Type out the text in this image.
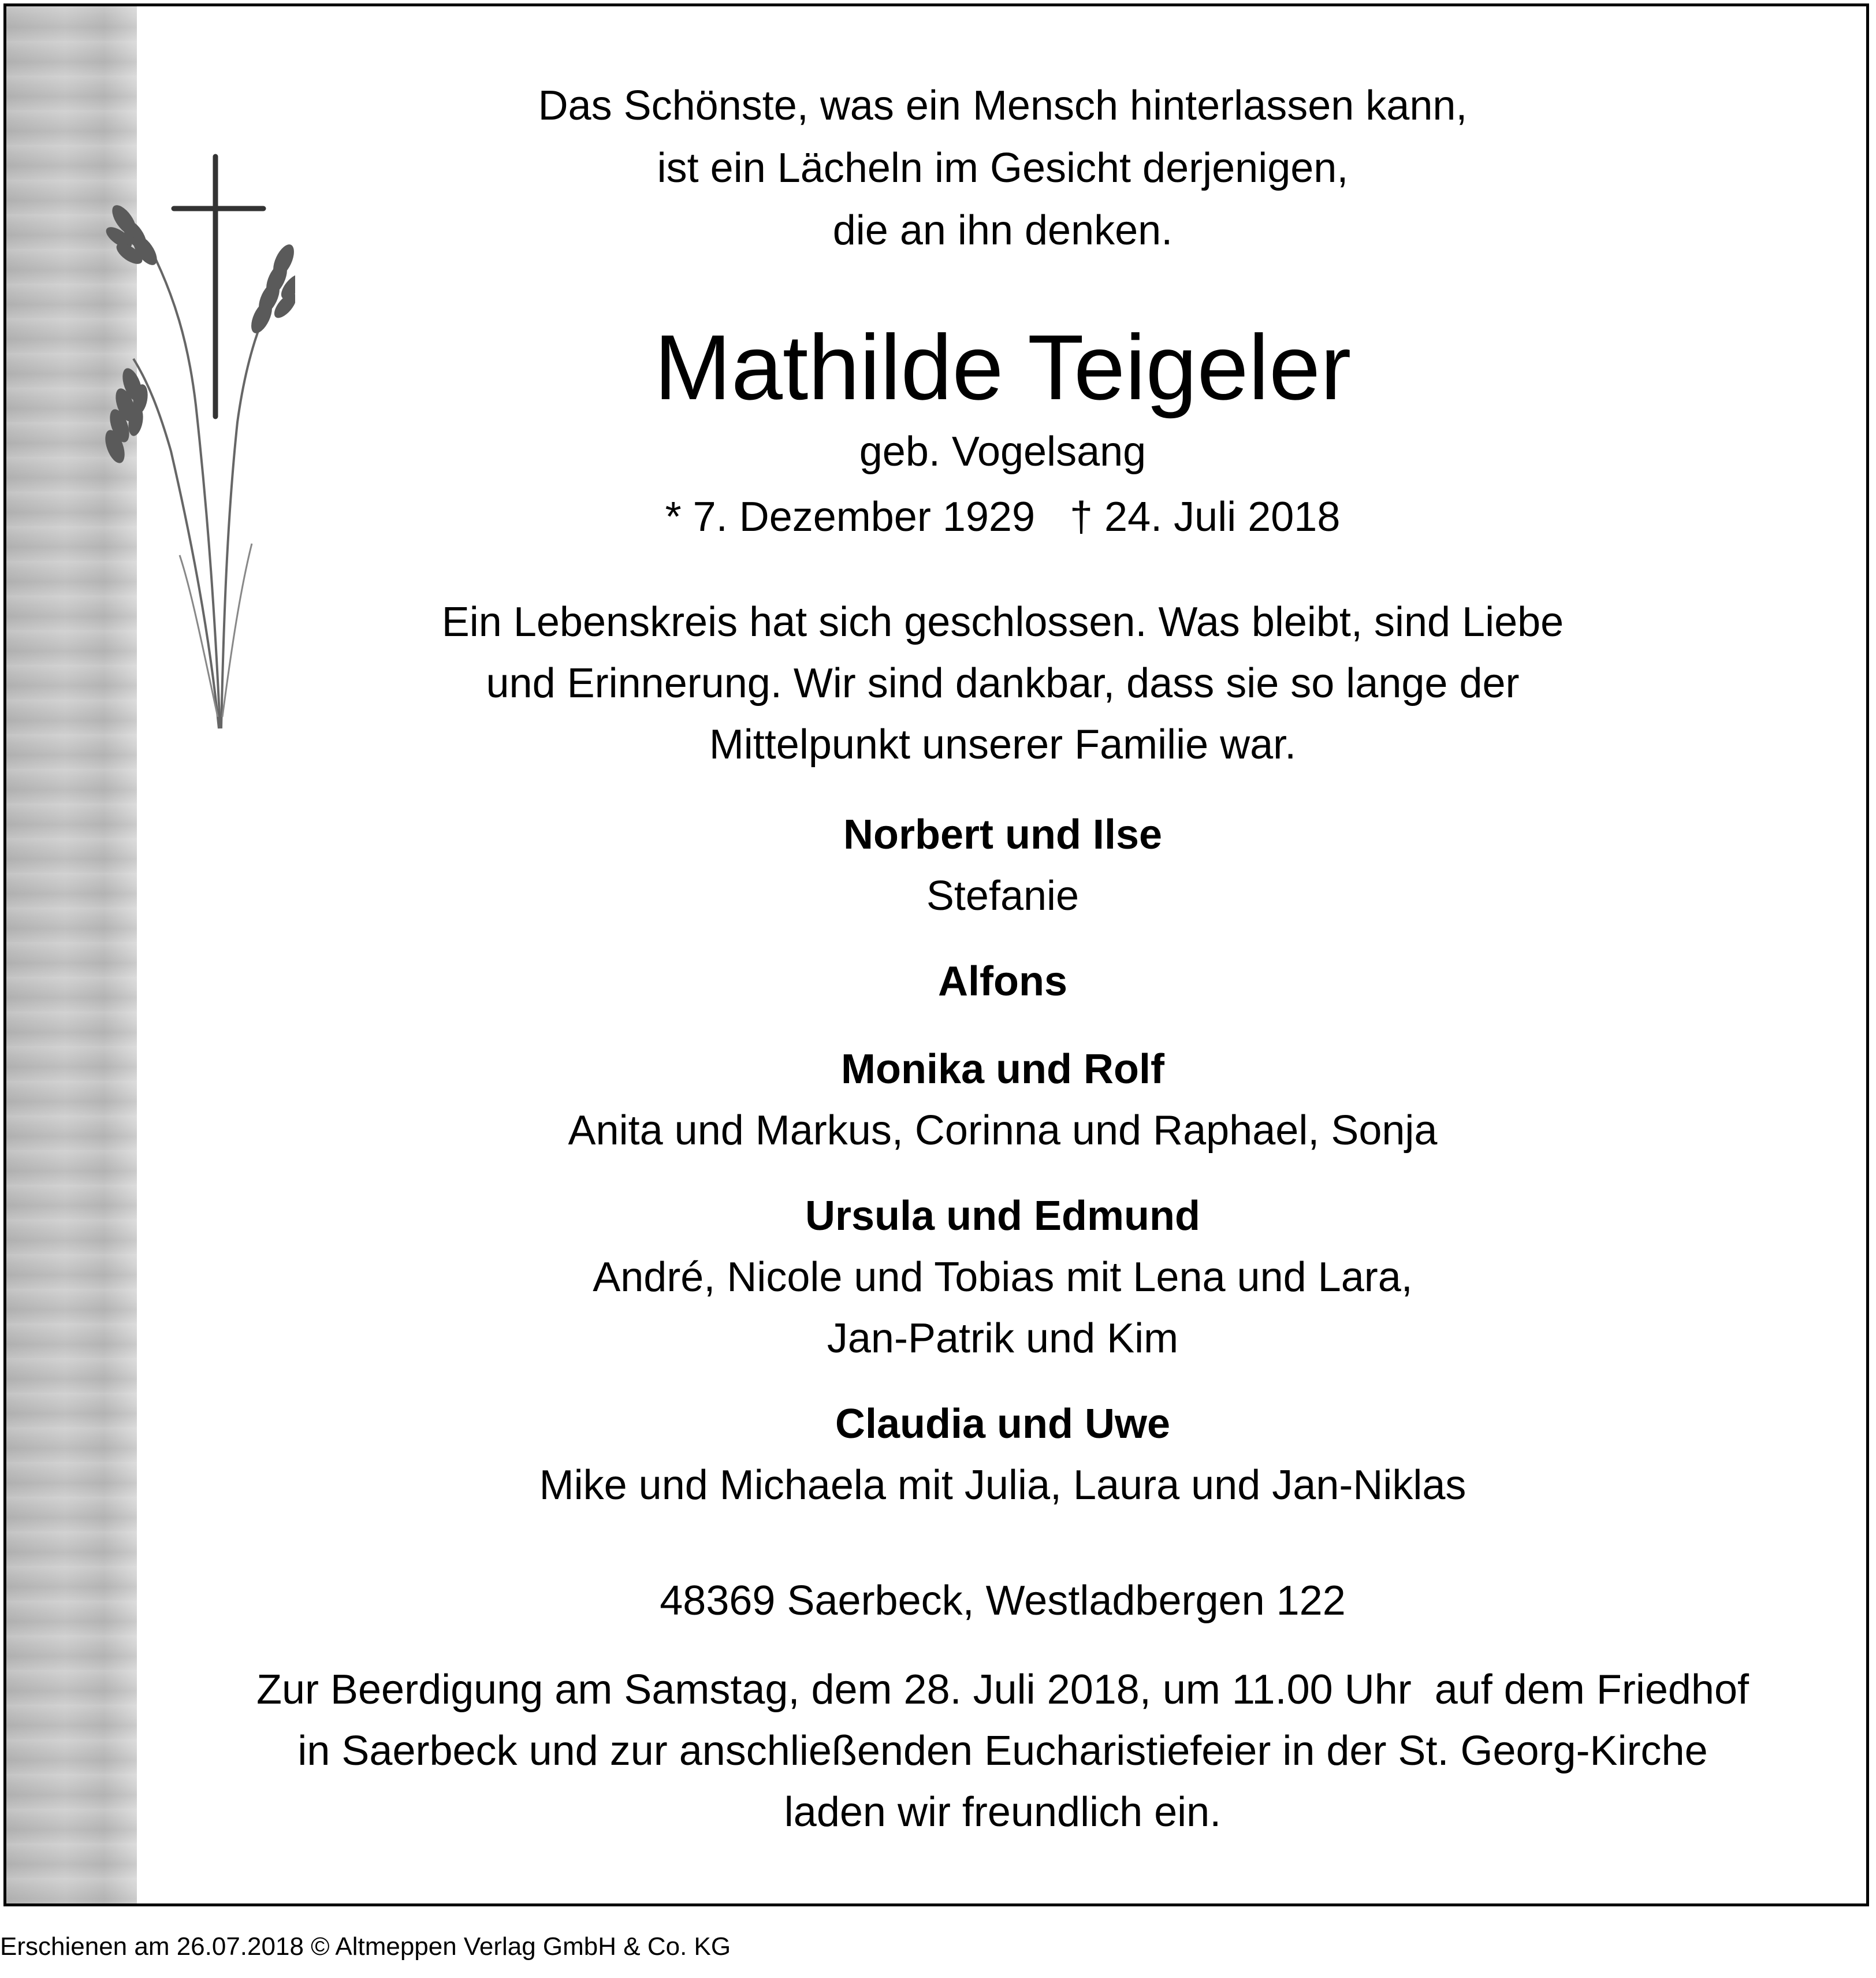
Das Schönste, was ein Mensch hinterlassen kann,
ist ein Lächeln im Gesicht derjenigen,
die an ihn denken.
Mathilde Teigeler
geb. Vogelsang
* 7. Dezember 1929   † 24. Juli 2018
Ein Lebenskreis hat sich geschlossen. Was bleibt, sind Liebe
und Erinnerung. Wir sind dankbar, dass sie so lange der
Mittelpunkt unserer Familie war.
Norbert und Ilse
Stefanie
Alfons
Monika und Rolf
Anita und Markus, Corinna und Raphael, Sonja
Ursula und Edmund
André, Nicole und Tobias mit Lena und Lara,
Jan-Patrik und Kim
Claudia und Uwe
Mike und Michaela mit Julia, Laura und Jan-Niklas
48369 Saerbeck, Westladbergen 122
Zur Beerdigung am Samstag, dem 28. Juli 2018, um 11.00 Uhr  auf dem Friedhof
in Saerbeck und zur anschließenden Eucharistiefeier in der St. Georg-Kirche
laden wir freundlich ein.
Erschienen am 26.07.2018 © Altmeppen Verlag GmbH & Co. KG
